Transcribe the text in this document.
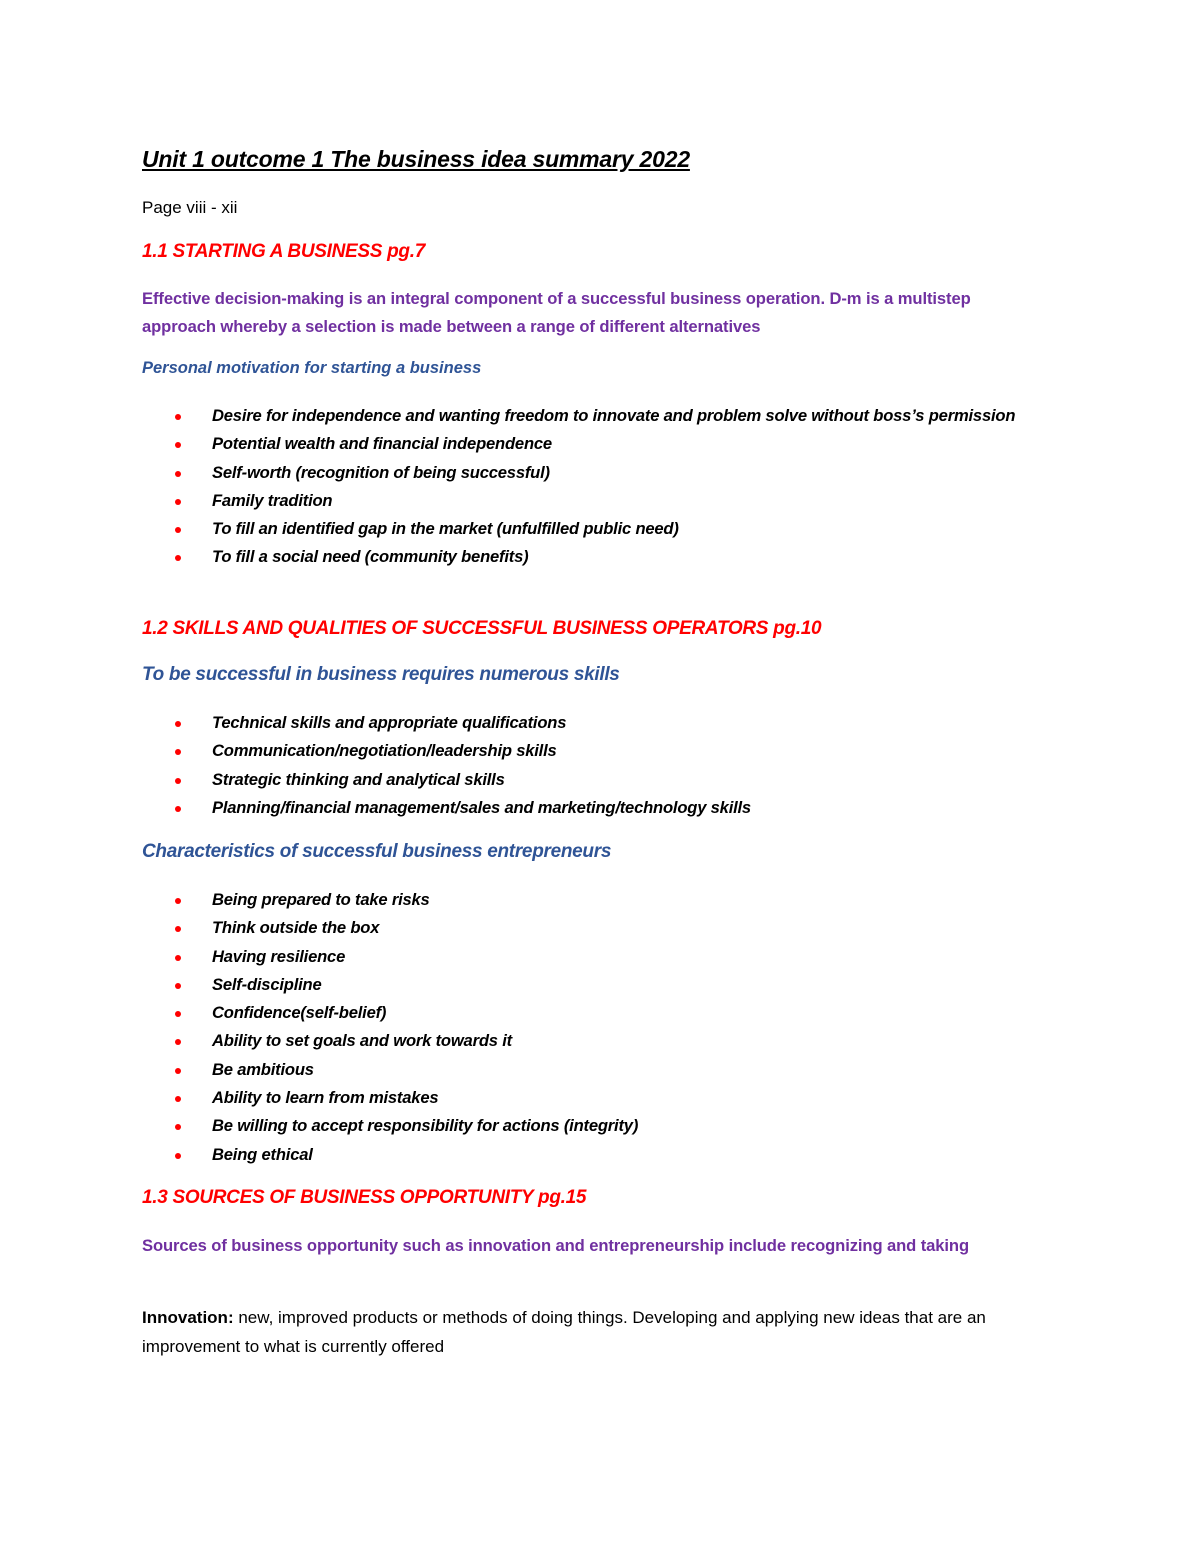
Unit 1 outcome 1 The business idea summary 2022
Page viii - xii
1.1 STARTING A BUSINESS pg.7
Effective decision-making is an integral component of a successful business operation. D-m is a multistep approach whereby a selection is made between a range of different alternatives
Personal motivation for starting a business
Desire for independence and wanting freedom to innovate and problem solve without boss’s permission
Potential wealth and financial independence
Self-worth (recognition of being successful)
Family tradition
To fill an identified gap in the market (unfulfilled public need)
To fill a social need (community benefits)
1.2 SKILLS AND QUALITIES OF SUCCESSFUL BUSINESS OPERATORS pg.10
To be successful in business requires numerous skills
Technical skills and appropriate qualifications
Communication/negotiation/leadership skills
Strategic thinking and analytical skills
Planning/financial management/sales and marketing/technology skills
Characteristics of successful business entrepreneurs
Being prepared to take risks
Think outside the box
Having resilience
Self-discipline
Confidence(self-belief)
Ability to set goals and work towards it
Be ambitious
Ability to learn from mistakes
Be willing to accept responsibility for actions (integrity)
Being ethical
1.3 SOURCES OF BUSINESS OPPORTUNITY pg.15
Sources of business opportunity such as innovation and entrepreneurship include recognizing and taking
Innovation: new, improved products or methods of doing things. Developing and applying new ideas that are an improvement to what is currently offered
